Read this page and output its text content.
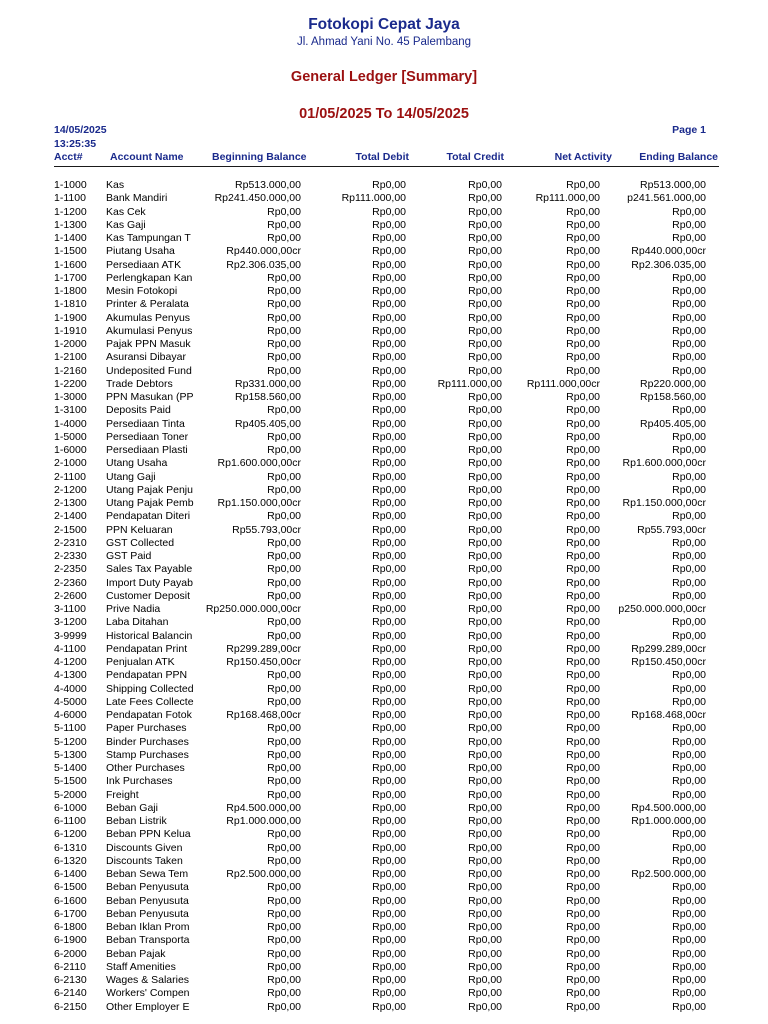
Fotokopi Cepat Jaya
Jl. Ahmad Yani No. 45 Palembang
General Ledger [Summary]
01/05/2025 To 14/05/2025
14/05/2025
13:25:35
Page 1
Acct#	Account Name	Beginning Balance	Total Debit	Total Credit	Net Activity	Ending Balance
1-1000 Kas	Rp513.000,00	Rp0,00	Rp0,00	Rp0,00	Rp513.000,00
1-1100 Bank Mandiri	Rp241.450.000,00	Rp111.000,00	Rp0,00	Rp111.000,00	p241.561.000,00
1-1200 Kas Cek	Rp0,00	Rp0,00	Rp0,00	Rp0,00	Rp0,00
1-1300 Kas Gaji	Rp0,00	Rp0,00	Rp0,00	Rp0,00	Rp0,00
1-1400 Kas Tampungan T	Rp0,00	Rp0,00	Rp0,00	Rp0,00	Rp0,00
1-1500 Piutang Usaha	Rp440.000,00cr	Rp0,00	Rp0,00	Rp0,00	Rp440.000,00cr
1-1600 Persediaan ATK	Rp2.306.035,00	Rp0,00	Rp0,00	Rp0,00	Rp2.306.035,00
1-1700 Perlengkapan Kan	Rp0,00	Rp0,00	Rp0,00	Rp0,00	Rp0,00
1-1800 Mesin Fotokopi	Rp0,00	Rp0,00	Rp0,00	Rp0,00	Rp0,00
1-1810 Printer & Peralata	Rp0,00	Rp0,00	Rp0,00	Rp0,00	Rp0,00
1-1900 Akumulas Penyus	Rp0,00	Rp0,00	Rp0,00	Rp0,00	Rp0,00
1-1910 Akumulasi Penyus	Rp0,00	Rp0,00	Rp0,00	Rp0,00	Rp0,00
1-2000 Pajak PPN Masuk	Rp0,00	Rp0,00	Rp0,00	Rp0,00	Rp0,00
1-2100 Asuransi Dibayar	Rp0,00	Rp0,00	Rp0,00	Rp0,00	Rp0,00
1-2160 Undeposited Fund	Rp0,00	Rp0,00	Rp0,00	Rp0,00	Rp0,00
1-2200 Trade Debtors	Rp331.000,00	Rp0,00	Rp111.000,00 Rp111.000,00cr	Rp220.000,00
1-3000 PPN Masukan (PP	Rp158.560,00	Rp0,00	Rp0,00	Rp0,00	Rp158.560,00
1-3100 Deposits Paid	Rp0,00	Rp0,00	Rp0,00	Rp0,00	Rp0,00
1-4000 Persediaan Tinta	Rp405.405,00	Rp0,00	Rp0,00	Rp0,00	Rp405.405,00
1-5000 Persediaan Toner	Rp0,00	Rp0,00	Rp0,00	Rp0,00	Rp0,00
1-6000 Persediaan Plasti	Rp0,00	Rp0,00	Rp0,00	Rp0,00	Rp0,00
2-1000 Utang Usaha	Rp1.600.000,00cr	Rp0,00	Rp0,00	Rp0,00 Rp1.600.000,00cr
2-1100 Utang Gaji	Rp0,00	Rp0,00	Rp0,00	Rp0,00	Rp0,00
2-1200 Utang Pajak Penju	Rp0,00	Rp0,00	Rp0,00	Rp0,00	Rp0,00
2-1300 Utang Pajak Pemb	Rp1.150.000,00cr	Rp0,00	Rp0,00	Rp0,00 Rp1.150.000,00cr
2-1400 Pendapatan Diteri	Rp0,00	Rp0,00	Rp0,00	Rp0,00	Rp0,00
2-1500 PPN Keluaran	Rp55.793,00cr	Rp0,00	Rp0,00	Rp0,00	Rp55.793,00cr
2-2310 GST Collected	Rp0,00	Rp0,00	Rp0,00	Rp0,00	Rp0,00
2-2330 GST Paid	Rp0,00	Rp0,00	Rp0,00	Rp0,00	Rp0,00
2-2350 Sales Tax Payable	Rp0,00	Rp0,00	Rp0,00	Rp0,00	Rp0,00
2-2360 Import Duty Payab	Rp0,00	Rp0,00	Rp0,00	Rp0,00	Rp0,00
2-2600 Customer Deposit	Rp0,00	Rp0,00	Rp0,00	Rp0,00	Rp0,00
3-1100 Prive Nadia	Rp250.000.000,00cr	Rp0,00	Rp0,00	Rp0,00 p250.000.000,00cr
3-1200 Laba Ditahan	Rp0,00	Rp0,00	Rp0,00	Rp0,00	Rp0,00
3-9999 Historical Balancin	Rp0,00	Rp0,00	Rp0,00	Rp0,00	Rp0,00
4-1100 Pendapatan Print	Rp299.289,00cr	Rp0,00	Rp0,00	Rp0,00	Rp299.289,00cr
4-1200 Penjualan ATK	Rp150.450,00cr	Rp0,00	Rp0,00	Rp0,00	Rp150.450,00cr
4-1300 Pendapatan PPN	Rp0,00	Rp0,00	Rp0,00	Rp0,00	Rp0,00
4-4000 Shipping Collected	Rp0,00	Rp0,00	Rp0,00	Rp0,00	Rp0,00
4-5000 Late Fees Collecte	Rp0,00	Rp0,00	Rp0,00	Rp0,00	Rp0,00
4-6000 Pendapatan Fotok	Rp168.468,00cr	Rp0,00	Rp0,00	Rp0,00	Rp168.468,00cr
5-1100 Paper Purchases	Rp0,00	Rp0,00	Rp0,00	Rp0,00	Rp0,00
5-1200 Binder Purchases	Rp0,00	Rp0,00	Rp0,00	Rp0,00	Rp0,00
5-1300 Stamp Purchases	Rp0,00	Rp0,00	Rp0,00	Rp0,00	Rp0,00
5-1400 Other Purchases	Rp0,00	Rp0,00	Rp0,00	Rp0,00	Rp0,00
5-1500 Ink Purchases	Rp0,00	Rp0,00	Rp0,00	Rp0,00	Rp0,00
5-2000 Freight	Rp0,00	Rp0,00	Rp0,00	Rp0,00	Rp0,00
6-1000 Beban Gaji	Rp4.500.000,00	Rp0,00	Rp0,00	Rp0,00	Rp4.500.000,00
6-1100 Beban Listrik	Rp1.000.000,00	Rp0,00	Rp0,00	Rp0,00	Rp1.000.000,00
6-1200 Beban PPN Kelua	Rp0,00	Rp0,00	Rp0,00	Rp0,00	Rp0,00
6-1310 Discounts Given	Rp0,00	Rp0,00	Rp0,00	Rp0,00	Rp0,00
6-1320 Discounts Taken	Rp0,00	Rp0,00	Rp0,00	Rp0,00	Rp0,00
6-1400 Beban Sewa Tem	Rp2.500.000,00	Rp0,00	Rp0,00	Rp0,00	Rp2.500.000,00
6-1500 Beban Penyusuta	Rp0,00	Rp0,00	Rp0,00	Rp0,00	Rp0,00
6-1600 Beban Penyusuta	Rp0,00	Rp0,00	Rp0,00	Rp0,00	Rp0,00
6-1700 Beban Penyusuta	Rp0,00	Rp0,00	Rp0,00	Rp0,00	Rp0,00
6-1800 Beban Iklan Prom	Rp0,00	Rp0,00	Rp0,00	Rp0,00	Rp0,00
6-1900 Beban Transporta	Rp0,00	Rp0,00	Rp0,00	Rp0,00	Rp0,00
6-2000 Beban Pajak	Rp0,00	Rp0,00	Rp0,00	Rp0,00	Rp0,00
6-2110 Staff Amenities	Rp0,00	Rp0,00	Rp0,00	Rp0,00	Rp0,00
6-2130 Wages & Salaries	Rp0,00	Rp0,00	Rp0,00	Rp0,00	Rp0,00
6-2140 Workers' Compen	Rp0,00	Rp0,00	Rp0,00	Rp0,00	Rp0,00
6-2150 Other Employer E	Rp0,00	Rp0,00	Rp0,00	Rp0,00	Rp0,00
